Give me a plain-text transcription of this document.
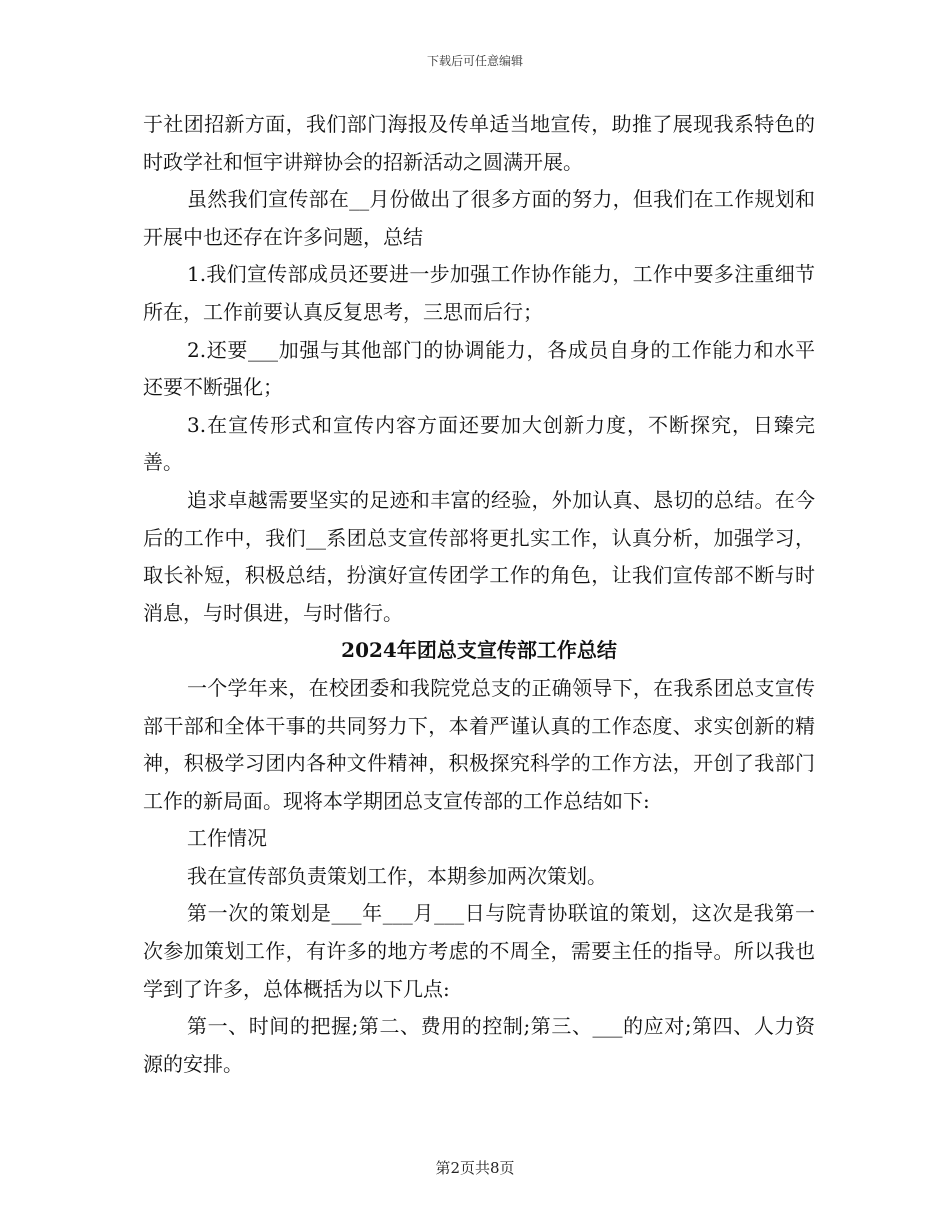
下载后可任意编辑

于社团招新方面，我们部门海报及传单适当地宣传，助推了展现我系特色的时政学社和恒宇讲辩协会的招新活动之圆满开展。

虽然我们宣传部在__月份做出了很多方面的努力，但我们在工作规划和开展中也还存在许多问题，总结

1.我们宣传部成员还要进一步加强工作协作能力，工作中要多注重细节所在，工作前要认真反复思考，三思而后行；

2.还要___加强与其他部门的协调能力，各成员自身的工作能力和水平还要不断强化；

3.在宣传形式和宣传内容方面还要加大创新力度，不断探究，日臻完善。

追求卓越需要坚实的足迹和丰富的经验，外加认真、恳切的总结。在今后的工作中，我们__系团总支宣传部将更扎实工作，认真分析，加强学习，取长补短，积极总结，扮演好宣传团学工作的角色，让我们宣传部不断与时消息，与时俱进，与时偕行。

2024年团总支宣传部工作总结

一个学年来，在校团委和我院党总支的正确领导下，在我系团总支宣传部干部和全体干事的共同努力下，本着严谨认真的工作态度、求实创新的精神，积极学习团内各种文件精神，积极探究科学的工作方法，开创了我部门工作的新局面。现将本学期团总支宣传部的工作总结如下:

工作情况

我在宣传部负责策划工作，本期参加两次策划。

第一次的策划是___年___月___日与院青协联谊的策划，这次是我第一次参加策划工作，有许多的地方考虑的不周全，需要主任的指导。所以我也学到了许多，总体概括为以下几点:

第一、时间的把握;第二、费用的控制;第三、___的应对;第四、人力资源的安排。

第2页共8页
